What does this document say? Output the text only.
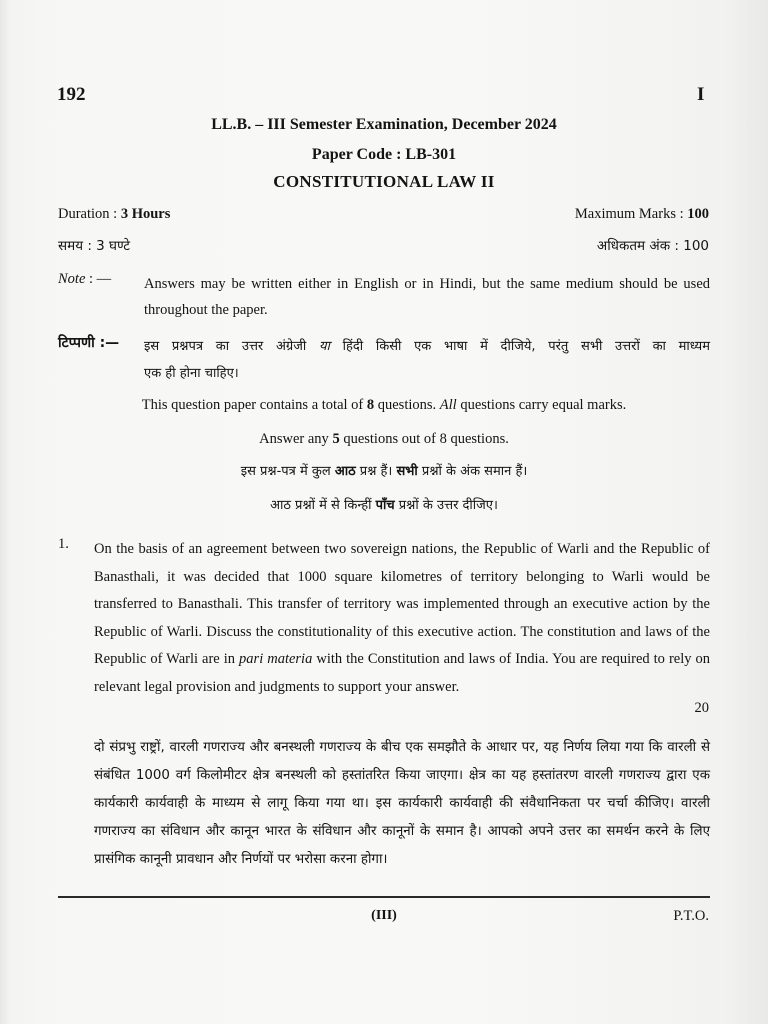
192	I
LL.B. – III Semester Examination, December 2024
Paper Code : LB-301
CONSTITUTIONAL LAW II
Duration : 3 Hours	Maximum Marks : 100
समय : 3 घण्टे	अधिकतम अंक : 100
Note : — Answers may be written either in English or in Hindi, but the same medium should be used throughout the paper.
टिप्पणी :— इस प्रश्नपत्र का उत्तर अंग्रेजी या हिंदी किसी एक भाषा में दीजिये, परंतु सभी उत्तरों का माध्यम
एक ही होना चाहिए।
This question paper contains a total of 8 questions. All questions carry equal marks.
Answer any 5 questions out of 8 questions.
इस प्रश्न-पत्र में कुल आठ प्रश्न हैं। सभी प्रश्नों के अंक समान हैं।
आठ प्रश्नों में से किन्हीं पाँच प्रश्नों के उत्तर दीजिए।
1. On the basis of an agreement between two sovereign nations, the Republic of Warli and the Republic of Banasthali, it was decided that 1000 square kilometres of territory belonging to Warli would be transferred to Banasthali. This transfer of territory was implemented through an executive action by the Republic of Warli. Discuss the constitutionality of this executive action. The constitution and laws of the Republic of Warli are in pari materia with the Constitution and laws of India. You are required to rely on relevant legal provision and judgments to support your answer.
20
दो संप्रभु राष्ट्रों, वारली गणराज्य और बनस्थली गणराज्य के बीच एक समझौते के आधार पर, यह निर्णय लिया गया कि वारली से संबंधित 1000 वर्ग किलोमीटर क्षेत्र बनस्थली को हस्तांतरित किया जाएगा। क्षेत्र का यह हस्तांतरण वारली गणराज्य द्वारा एक कार्यकारी कार्यवाही के माध्यम से लागू किया गया था। इस कार्यकारी कार्यवाही की संवैधानिकता पर चर्चा कीजिए। वारली गणराज्य का संविधान और कानून भारत के संविधान और कानूनों के समान है। आपको अपने उत्तर का समर्थन करने के लिए प्रासंगिक कानूनी प्रावधान और निर्णयों पर भरोसा करना होगा।
(III)	P.T.O.
